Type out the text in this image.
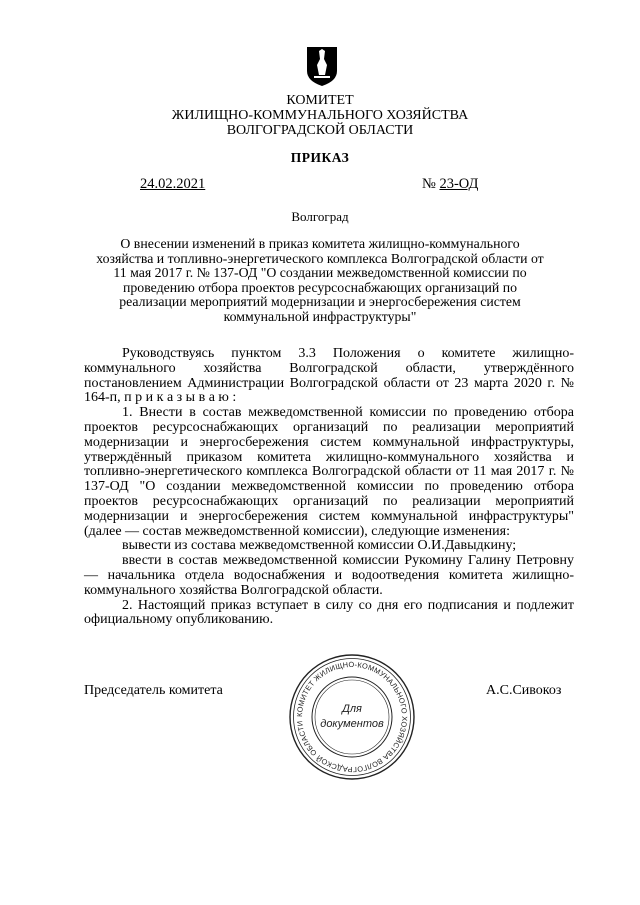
КОМИТЕТ
ЖИЛИЩНО-КОММУНАЛЬНОГО ХОЗЯЙСТВА
ВОЛГОГРАДСКОЙ ОБЛАСТИ
ПРИКАЗ
24.02.2021	№ 23-ОД
Волгоград
О внесении изменений в приказ комитета жилищно-коммунального хозяйства и топливно-энергетического комплекса Волгоградской области от 11 мая 2017 г. № 137-ОД "О создании межведомственной комиссии по проведению отбора проектов ресурсоснабжающих организаций по реализации мероприятий модернизации и энергосбережения систем коммунальной инфраструктуры"

Руководствуясь пунктом 3.3 Положения о комитете жилищно-коммунального хозяйства Волгоградской области, утверждённого постановлением Администрации Волгоградской области от 23 марта 2020 г. № 164-п, п р и к а з ы в а ю :

1. Внести в состав межведомственной комиссии по проведению отбора проектов ресурсоснабжающих организаций по реализации мероприятий модернизации и энергосбережения систем коммунальной инфраструктуры, утверждённый приказом комитета жилищно-коммунального хозяйства и топливно-энергетического комплекса Волгоградской области от 11 мая 2017 г. № 137-ОД "О создании межведомственной комиссии по проведению отбора проектов ресурсоснабжающих организаций по реализации мероприятий модернизации и энергосбережения систем коммунальной инфраструктуры" (далее — состав межведомственной комиссии), следующие изменения:

вывести из состава межведомственной комиссии О.И.Давыдкину;

ввести в состав межведомственной комиссии Рукомину Галину Петровну — начальника отдела водоснабжения и водоотведения комитета жилищно-коммунального хозяйства Волгоградской области.

2. Настоящий приказ вступает в силу со дня его подписания и подлежит официальному опубликованию.

Председатель комитета	А.С.Сивокоз
КОМИТЕТ ЖИЛИЩНО-КОММУНАЛЬНОГО ХОЗЯЙСТВА ВОЛГОГРАДСКОЙ ОБЛАСТИ
Для
документов
